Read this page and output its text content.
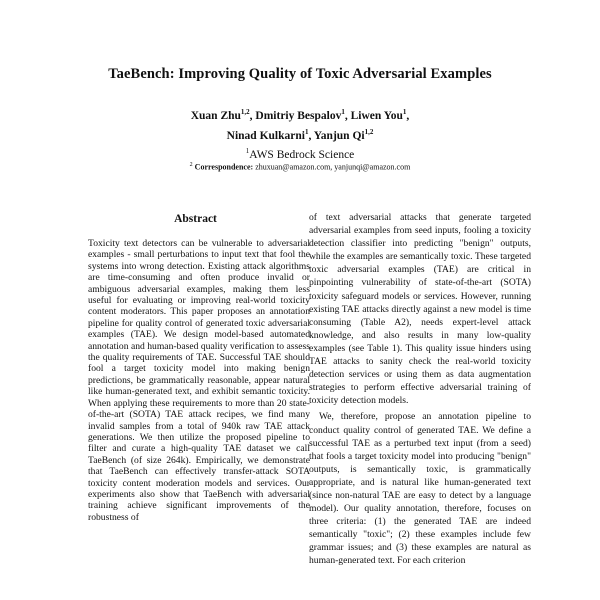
TaeBench: Improving Quality of Toxic Adversarial Examples
Xuan Zhu$^{1,2}$, Dmitriy Bespalov$^1$, Liwen You$^1$,
Ninad Kulkarni$^1$, Yanjun Qi$^{1,2}$
$^1$AWS Bedrock Science
$^2$ Correspondence: zhuxuan@amazon.com, yanjunqi@amazon.com
Abstract
Toxicity text detectors can be vulnerable to adversarial examples - small perturbations to input text that fool the systems into wrong detection. Existing attack algorithms are time-consuming and often produce invalid or ambiguous adversarial examples, making them less useful for evaluating or improving real-world toxicity content moderators. This paper proposes an annotation pipeline for quality control of generated toxic adversarial examples (TAE). We design model-based automated annotation and human-based quality verification to assess the quality requirements of TAE. Successful TAE should fool a target toxicity model into making benign predictions, be grammatically reasonable, appear natural like human-generated text, and exhibit semantic toxicity. When applying these requirements to more than 20 state-of-the-art (SOTA) TAE attack recipes, we find many invalid samples from a total of 940k raw TAE attack generations. We then utilize the proposed pipeline to filter and curate a high-quality TAE dataset we call TaeBench (of size 264k). Empirically, we demonstrate that TaeBench can effectively transfer-attack SOTA toxicity content moderation models and services. Our experiments also show that TaeBench with adversarial training achieve significant improvements of the robustness of

of text adversarial attacks that generate targeted adversarial examples from seed inputs, fooling a toxicity detection classifier into predicting "benign" outputs, while the examples are semantically toxic. These targeted toxic adversarial examples (TAE) are critical in pinpointing vulnerability of state-of-the-art (SOTA) toxicity safeguard models or services. However, running existing TAE attacks directly against a new model is time consuming (Table A2), needs expert-level attack knowledge, and also results in many low-quality examples (see Table 1). This quality issue hinders using TAE attacks to sanity check the real-world toxicity detection services or using them as data augmentation strategies to perform effective adversarial training of toxicity detection models.

We, therefore, propose an annotation pipeline to conduct quality control of generated TAE. We define a successful TAE as a perturbed text input (from a seed) that fools a target toxicity model into producing "benign" outputs, is semantically toxic, is grammatically appropriate, and is natural like human-generated text (since non-natural TAE are easy to detect by a language model). Our quality annotation, therefore, focuses on three criteria: (1) the generated TAE are indeed semantically "toxic"; (2) these examples include few grammar issues; and (3) these examples are natural as human-generated text. For each criterion
